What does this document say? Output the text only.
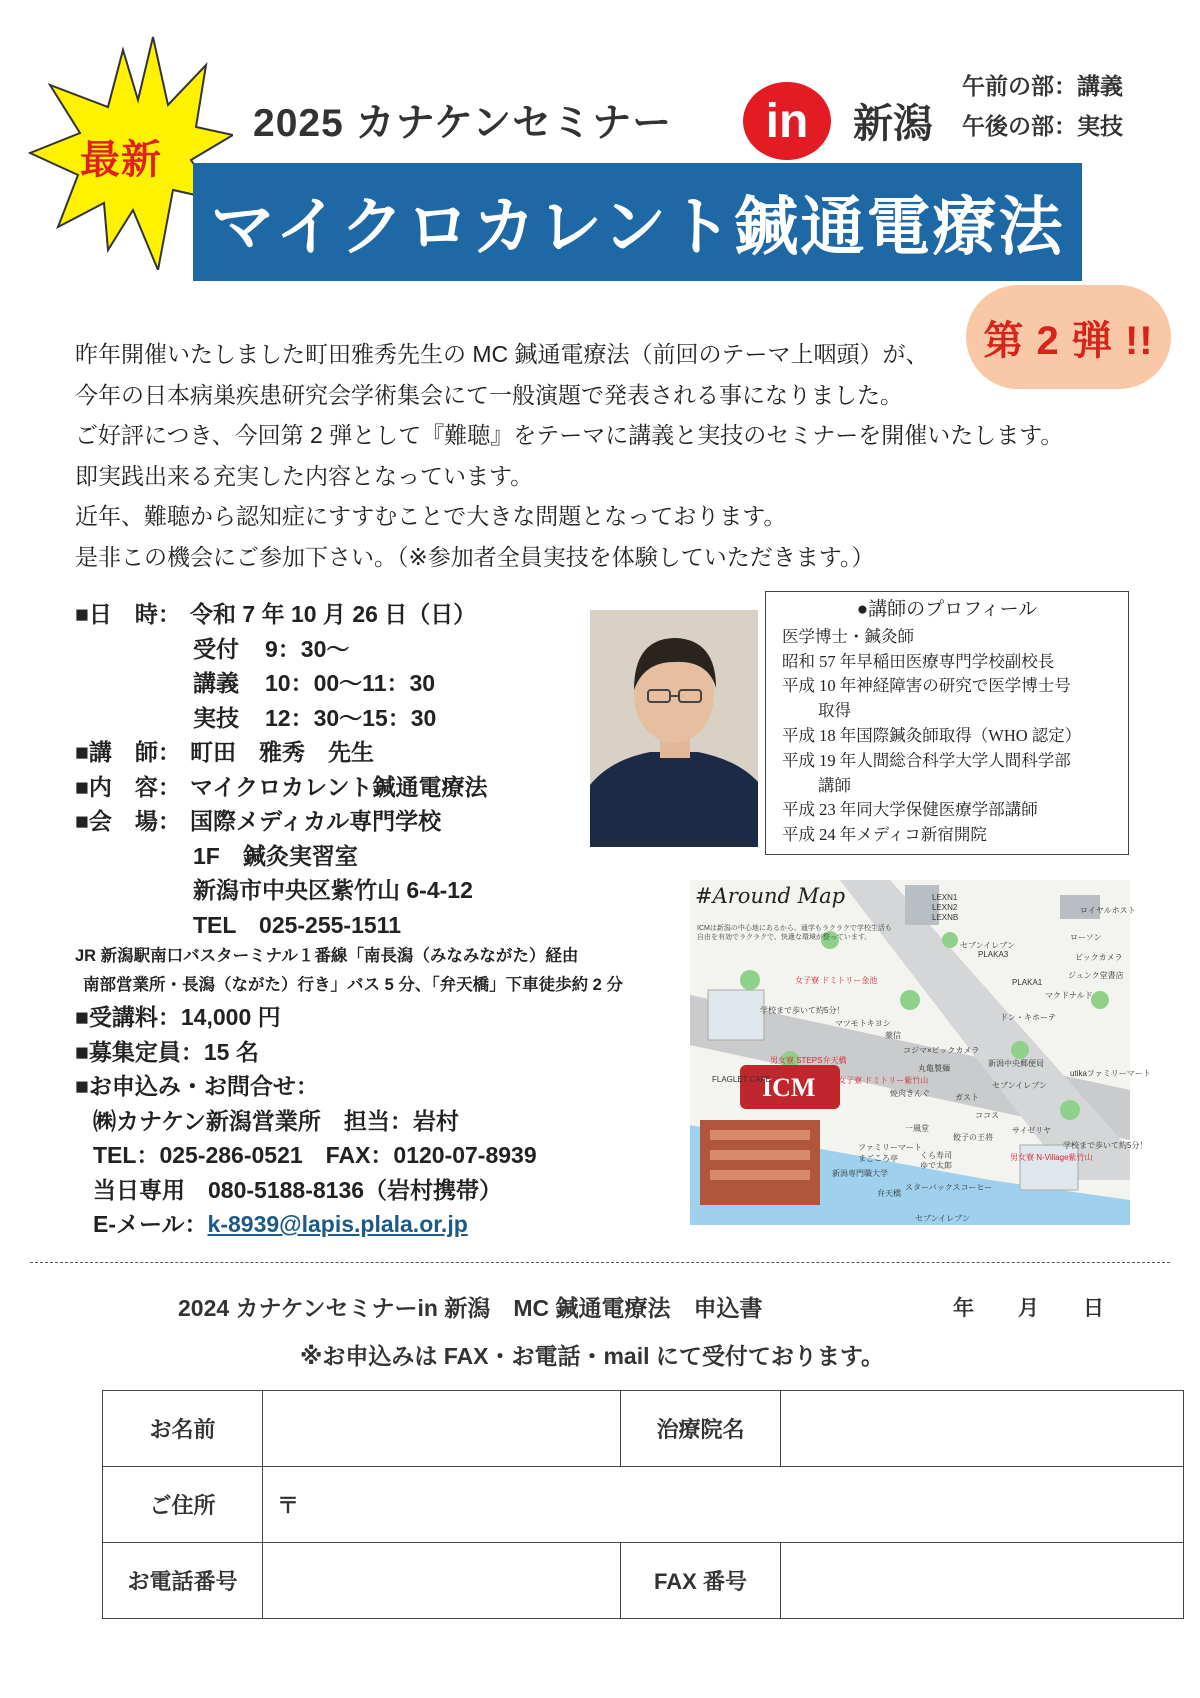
最新
2025 カナケンセミナー	in	新潟
午前の部：講義
午後の部：実技
マイクロカレント鍼通電療法
第 2 弾 !!

昨年開催いたしました町田雅秀先生の MC 鍼通電療法（前回のテーマ上咽頭）が、

今年の日本病巣疾患研究会学術集会にて一般演題で発表される事になりました。

ご好評につき、今回第 2 弾として『難聴』をテーマに講義と実技のセミナーを開催いたします。

即実践出来る充実した内容となっています。

近年、難聴から認知症にすすむことで大きな問題となっております。

是非この機会にご参加下さい。（※参加者全員実技を体験していただきます。）

■日　時： 令和 7 年 10 月 26 日（日）
受付	9：30～
講義	10：00～11：30
実技	12：30～15：30
■講　師： 町田　雅秀　先生
■内　容： マイクロカレント鍼通電療法
■会　場： 国際メディカル専門学校
1F　鍼灸実習室
新潟市中央区紫竹山 6-4-12
TEL　025-255-1511
JR 新潟駅南口バスターミナル１番線「南長潟（みなみながた）経由
南部営業所・長潟（ながた）行き」バス 5 分、「弁天橋」下車徒歩約 2 分
■受講料：14,000 円
■募集定員：15 名
■お申込み・お問合せ：
㈱カナケン新潟営業所　担当：岩村
TEL：025-286-0521　FAX：0120-07-8939
当日専用　080-5188-8136（岩村携帯）
E-メール：k-8939@lapis.plala.or.jp
●講師のプロフィール
医学博士・鍼灸師
昭和 57 年早稲田医療専門学校副校長
平成 10 年神経障害の研究で医学博士号
取得
平成 18 年国際鍼灸師取得（WHO 認定）
平成 19 年人間総合科学大学人間科学部
講師
平成 23 年同大学保健医療学部講師
平成 24 年メディコ新宿開院
#Around Map
ICMは新潟の中心地にあるから、通学もラクラクで学校生活も自由を有効でラクラクで、快適な環境が整っています。
ICM
LEXN1
LEXN2
LEXNB
セブンイレブン
ローソン
PLAKA3
PLAKA1
ジュンク堂書店
マクドナルド
ドン・キホーテ
女子寮 ドミトリー金池
学校まで歩いて約5分！
マツモトキヨシ
薬信
コジマ×ビックカメラ
丸亀製麺
新潟中央郵便局
FLAGLET CAFE
男女寮 STEPS弁天橋
女子寮 ドミトリー紫竹山
焼肉きんぐ	ガスト
ココス
セブンイレブン
utikaファミリーマート
一風堂
餃子の王将
サイゼリヤ
男女寮 N-Village紫竹山
ファミリーマート
まごころ亭
新潟専門職大学
くら寿司
ゆで太郎
スターバックスコーヒー
弁天橋
セブンイレブン
ロイヤルホスト
ビックカメラ
学校まで歩いて約5分！
2024 カナケンセミナーin 新潟　MC 鍼通電療法　申込書	年 月 日
※お申込みは FAX・お電話・mail にて受付ております。
お名前		治療院名	
ご住所	〒		
お電話番号		FAX 番号	
